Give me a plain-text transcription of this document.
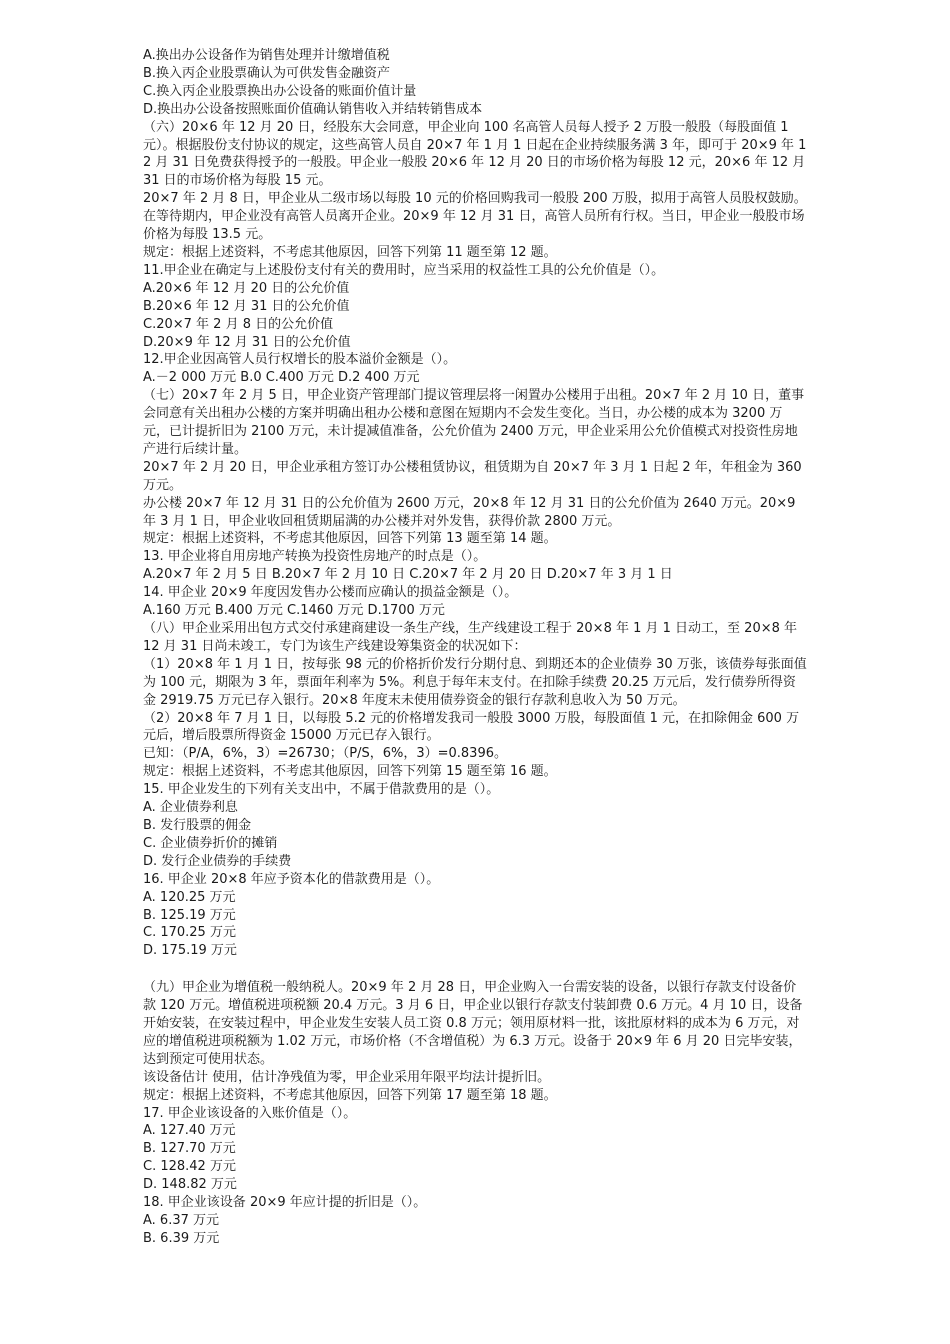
A.换出办公设备作为销售处理并计缴增值税

B.换入丙企业股票确认为可供发售金融资产

C.换入丙企业股票换出办公设备的账面价值计量

D.换出办公设备按照账面价值确认销售收入并结转销售成本

（六）20×6 年 12 月 20 日，经股东大会同意，甲企业向 100 名高管人员每人授予 2 万股一般股（每股面值 1 元）。根据股份支付协议的规定，这些高管人员自 20×7 年 1 月 1 日起在企业持续服务满 3 年，即可于 20×9 年 12 月 31 日免费获得授予的一般股。甲企业一般股 20×6 年 12 月 20 日的市场价格为每股 12 元，20×6 年 12 月 31 日的市场价格为每股 15 元。

20×7 年 2 月 8 日，甲企业从二级市场以每股 10 元的价格回购我司一般股 200 万股，拟用于高管人员股权鼓励。

在等待期内，甲企业没有高管人员离开企业。20×9 年 12 月 31 日，高管人员所有行权。当日，甲企业一般股市场价格为每股 13.5 元。

规定：根据上述资料，不考虑其他原因，回答下列第 11 题至第 12 题。

11.甲企业在确定与上述股份支付有关的费用时，应当采用的权益性工具的公允价值是（）。

A.20×6 年 12 月 20 日的公允价值

B.20×6 年 12 月 31 日的公允价值

C.20×7 年 2 月 8 日的公允价值

D.20×9 年 12 月 31 日的公允价值

12.甲企业因高管人员行权增长的股本溢价金额是（）。

A.－2 000 万元 B.0 C.400 万元 D.2 400 万元

（七）20×7 年 2 月 5 日，甲企业资产管理部门提议管理层将一闲置办公楼用于出租。20×7 年 2 月 10 日，董事会同意有关出租办公楼的方案并明确出租办公楼和意图在短期内不会发生变化。当日，办公楼的成本为 3200 万元，已计提折旧为 2100 万元，未计提减值准备，公允价值为 2400 万元，甲企业采用公允价值模式对投资性房地产进行后续计量。

20×7 年 2 月 20 日，甲企业承租方签订办公楼租赁协议，租赁期为自 20×7 年 3 月 1 日起 2 年，年租金为 360 万元。

办公楼 20×7 年 12 月 31 日的公允价值为 2600 万元，20×8 年 12 月 31 日的公允价值为 2640 万元。20×9 年 3 月 1 日，甲企业收回租赁期届满的办公楼并对外发售，获得价款 2800 万元。

规定：根据上述资料，不考虑其他原因，回答下列第 13 题至第 14 题。

13. 甲企业将自用房地产转换为投资性房地产的时点是（）。

A.20×7 年 2 月 5 日 B.20×7 年 2 月 10 日 C.20×7 年 2 月 20 日 D.20×7 年 3 月 1 日

14. 甲企业 20×9 年度因发售办公楼而应确认的损益金额是（）。

A.160 万元 B.400 万元 C.1460 万元 D.1700 万元

（八）甲企业采用出包方式交付承建商建设一条生产线，生产线建设工程于 20×8 年 1 月 1 日动工，至 20×8 年 12 月 31 日尚未竣工，专门为该生产线建设筹集资金的状况如下：

（1）20×8 年 1 月 1 日，按每张 98 元的价格折价发行分期付息、到期还本的企业债券 30 万张，该债券每张面值为 100 元，期限为 3 年，票面年利率为 5%。利息于每年末支付。在扣除手续费 20.25 万元后，发行债券所得资金 2919.75 万元已存入银行。20×8 年度末未使用债券资金的银行存款利息收入为 50 万元。

（2）20×8 年 7 月 1 日，以每股 5.2 元的价格增发我司一般股 3000 万股，每股面值 1 元，在扣除佣金 600 万元后，增后股票所得资金 15000 万元已存入银行。

已知：（P/A，6%，3）=26730；（P/S，6%，3）=0.8396。

规定：根据上述资料，不考虑其他原因，回答下列第 15 题至第 16 题。

15. 甲企业发生的下列有关支出中，不属于借款费用的是（）。

A. 企业债券利息

B. 发行股票的佣金

C. 企业债券折价的摊销

D. 发行企业债券的手续费

16. 甲企业 20×8 年应予资本化的借款费用是（）。

A. 120.25 万元

B. 125.19 万元

C. 170.25 万元

D. 175.19 万元

（九）甲企业为增值税一般纳税人。20×9 年 2 月 28 日，甲企业购入一台需安装的设备，以银行存款支付设备价款 120 万元。增值税进项税额 20.4 万元。3 月 6 日，甲企业以银行存款支付装卸费 0.6 万元。4 月 10 日，设备开始安装，在安装过程中，甲企业发生安装人员工资 0.8 万元；领用原材料一批，该批原材料的成本为 6 万元，对应的增值税进项税额为 1.02 万元，市场价格（不含增值税）为 6.3 万元。设备于 20×9 年 6 月 20 日完毕安装，达到预定可使用状态。

该设备估计 使用，估计净残值为零，甲企业采用年限平均法计提折旧。

规定：根据上述资料，不考虑其他原因，回答下列第 17 题至第 18 题。

17. 甲企业该设备的入账价值是（）。

A. 127.40 万元

B. 127.70 万元

C. 128.42 万元

D. 148.82 万元

18. 甲企业该设备 20×9 年应计提的折旧是（）。

A. 6.37 万元

B. 6.39 万元
